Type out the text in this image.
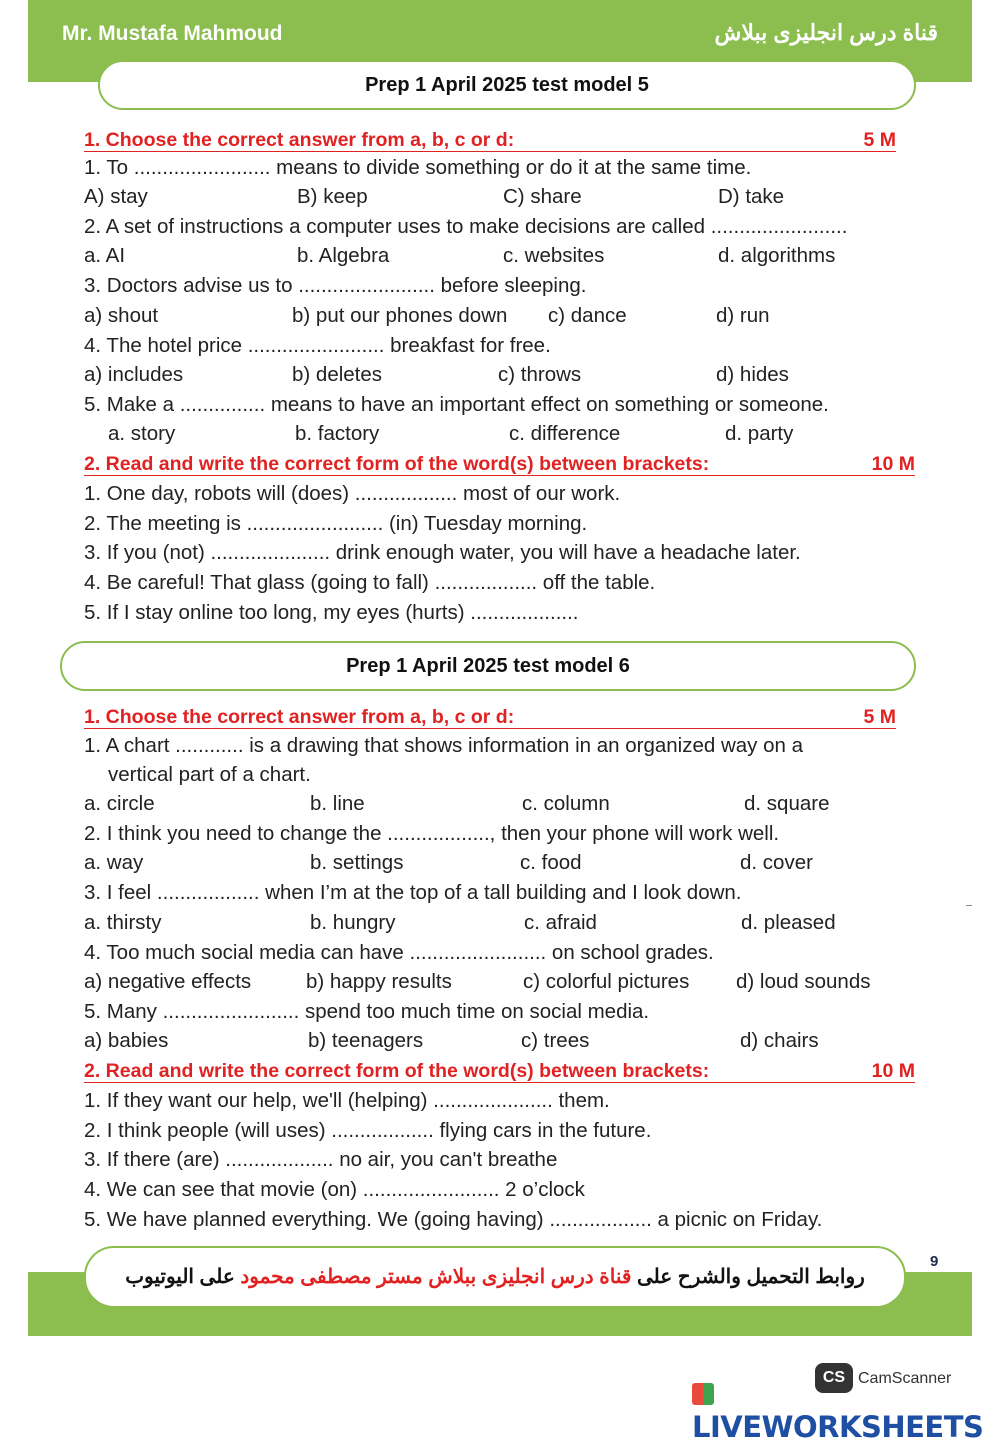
Mr. Mustafa Mahmoud	قناة درس انجليزى ببلاش
Prep 1 April 2025 test model 5
1. Choose the correct answer from a, b, c or d:	5 M
1. To ........................ means to divide something or do it at the same time.
A) stay	B) keep	C) share	D) take
2. A set of instructions a computer uses to make decisions are called ........................
a. AI	b. Algebra	c. websites	d. algorithms
3. Doctors advise us to ........................ before sleeping.
a) shout	b) put our phones down c) dance	d) run
4. The hotel price ........................ breakfast for free.
a) includes	b) deletes	c) throws	d) hides
5. Make a ............... means to have an important effect on something or someone.
a. story	b. factory	c. difference	d. party
2. Read and write the correct form of the word(s) between brackets:	10 M
1. One day, robots will (does) .................. most of our work.
2. The meeting is ........................ (in) Tuesday morning.
3. If you (not) ..................... drink enough water, you will have a headache later.
4. Be careful! That glass (going to fall) .................. off the table.
5. If I stay online too long, my eyes (hurts) ...................
Prep 1 April 2025 test model 6
1. Choose the correct answer from a, b, c or d:	5 M
1. A chart ............ is a drawing that shows information in an organized way on a
vertical part of a chart.
a. circle	b. line	c. column	d. square
2. I think you need to change the .................., then your phone will work well.
a. way	b. settings	c. food	d. cover
3. I feel .................. when I’m at the top of a tall building and I look down.
a. thirsty	b. hungry	c. afraid	d. pleased
4. Too much social media can have ........................ on school grades.
a) negative effects	b) happy results	c) colorful pictures d) loud sounds
5. Many ........................ spend too much time on social media.
a) babies	b) teenagers	c) trees	d) chairs
2. Read and write the correct form of the word(s) between brackets:	10 M
1. If they want our help, we'll (helping) ..................... them.
2. I think people (will uses) .................. flying cars in the future.
3. If there (are) ................... no air, you can't breathe
4. We can see that movie (on) ........................ 2 o’clock
5. We have planned everything. We (going having) .................. a picnic on Friday.
روابط التحميل والشرح على قناة درس انجليزى ببلاش مستر مصطفى محمود على اليوتيوب
9
LIVEWORKSHEETS
CS CamScanner
